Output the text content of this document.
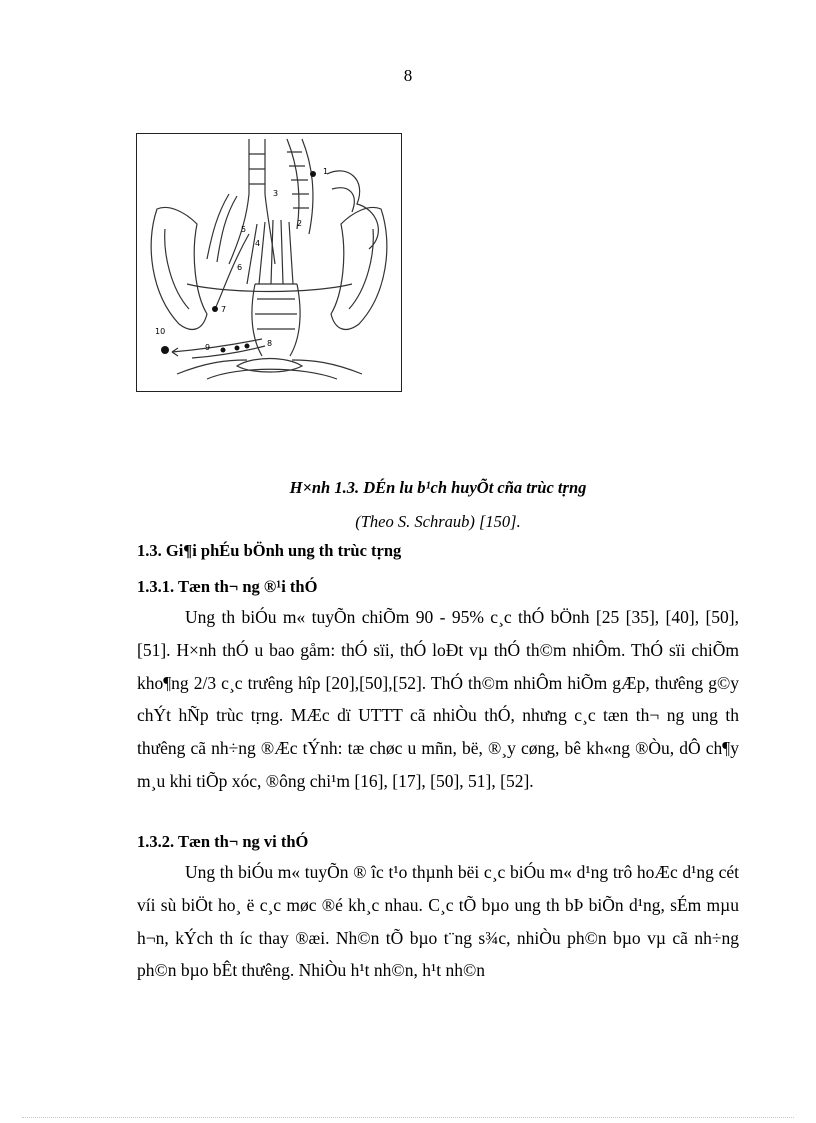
8
1
2
3
4
5
6
7
8
9
10
H×nh 1.3. DÉn lu b¹ch huyÕt cña trùc tṛng
(Theo S. Schraub) [150].
1.3. Gi¶i phÉu bÖnh ung th trùc tṛng
1.3.1. Tæn th¬ ng ®¹i thÓ
Ung th biÓu m« tuyÕn chiÕm 90 - 95% c¸c thÓ bÖnh [25 [35], [40], [50], [51]. H×nh thÓ u bao gåm: thÓ sïi, thÓ loÐt vµ thÓ th©m nhiÔm. ThÓ sïi chiÕm kho¶ng 2/3 c¸c trưêng hîp [20],[50],[52]. ThÓ th©m nhiÔm hiÕm gÆp, thưêng g©y chÝt hÑp trùc tṛng. MÆc dï UTTT cã nhiÒu thÓ, nhưng c¸c tæn th¬ ng ung th thưêng cã nh÷ng ®Æc tÝnh: tæ chøc u mñn, bë, ®¸y cøng, bê kh«ng ®Òu, dÔ ch¶y m¸u khi tiÕp xóc, ®ông chi¹m [16], [17], [50], 51], [52].
1.3.2. Tæn th¬ ng vi thÓ
Ung th biÓu m« tuyÕn ® îc t¹o thµnh bëi c¸c biÓu m« d¹ng trô hoÆc d¹ng cét víi sù biÖt ho¸ ë c¸c møc ®é kh¸c nhau. C¸c tÕ bµo ung th bÞ biÕn d¹ng, sÉm mµu h¬n, kÝch th íc thay ®æi. Nh©n tÕ bµo t¨ng s¾c, nhiÒu ph©n bµo vµ cã nh÷ng ph©n bµo bÊt thưêng. NhiÒu h¹t nh©n, h¹t nh©n
